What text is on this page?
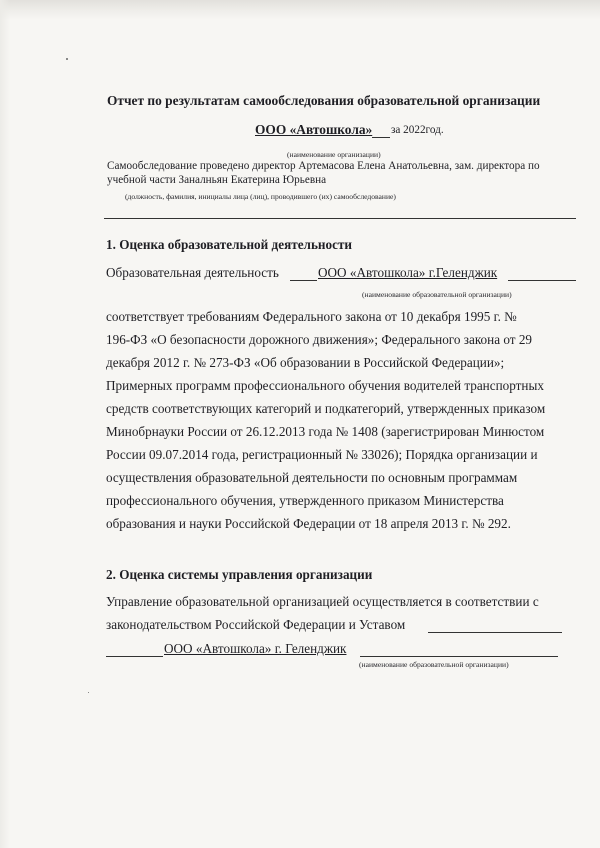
Отчет по результатам самообследования образовательной организации
ООО «Автошкола» за 2022год.
(наименование организации)
Самообследование проведено директор Артемасова Елена Анатольевна, зам. директора по
учебной части Заналньян Екатерина Юрьевна
(должность, фамилия, инициалы лица (лиц), проводившего (их) самообследование)
1. Оценка образовательной деятельности
Образовательная деятельность	ООО «Автошкола» г.Геленджик
(наименование образовательной организации)
соответствует требованиям Федерального закона от 10 декабря 1995 г. №
196-ФЗ «О безопасности дорожного движения»; Федерального закона от 29
декабря 2012 г. № 273-ФЗ «Об образовании в Российской Федерации»;
Примерных программ профессионального обучения водителей транспортных
средств соответствующих категорий и подкатегорий, утвержденных приказом
Минобрнауки России от 26.12.2013 года № 1408 (зарегистрирован Минюстом
России 09.07.2014 года, регистрационный № 33026); Порядка организации и
осуществления образовательной деятельности по основным программам
профессионального обучения, утвержденного приказом Министерства
образования и науки Российской Федерации от 18 апреля 2013 г. № 292.
2. Оценка системы управления организации
Управление образовательной организацией осуществляется в соответствии с
законодательством Российской Федерации и Уставом
ООО «Автошкола» г. Геленджик
(наименование образовательной организации)
